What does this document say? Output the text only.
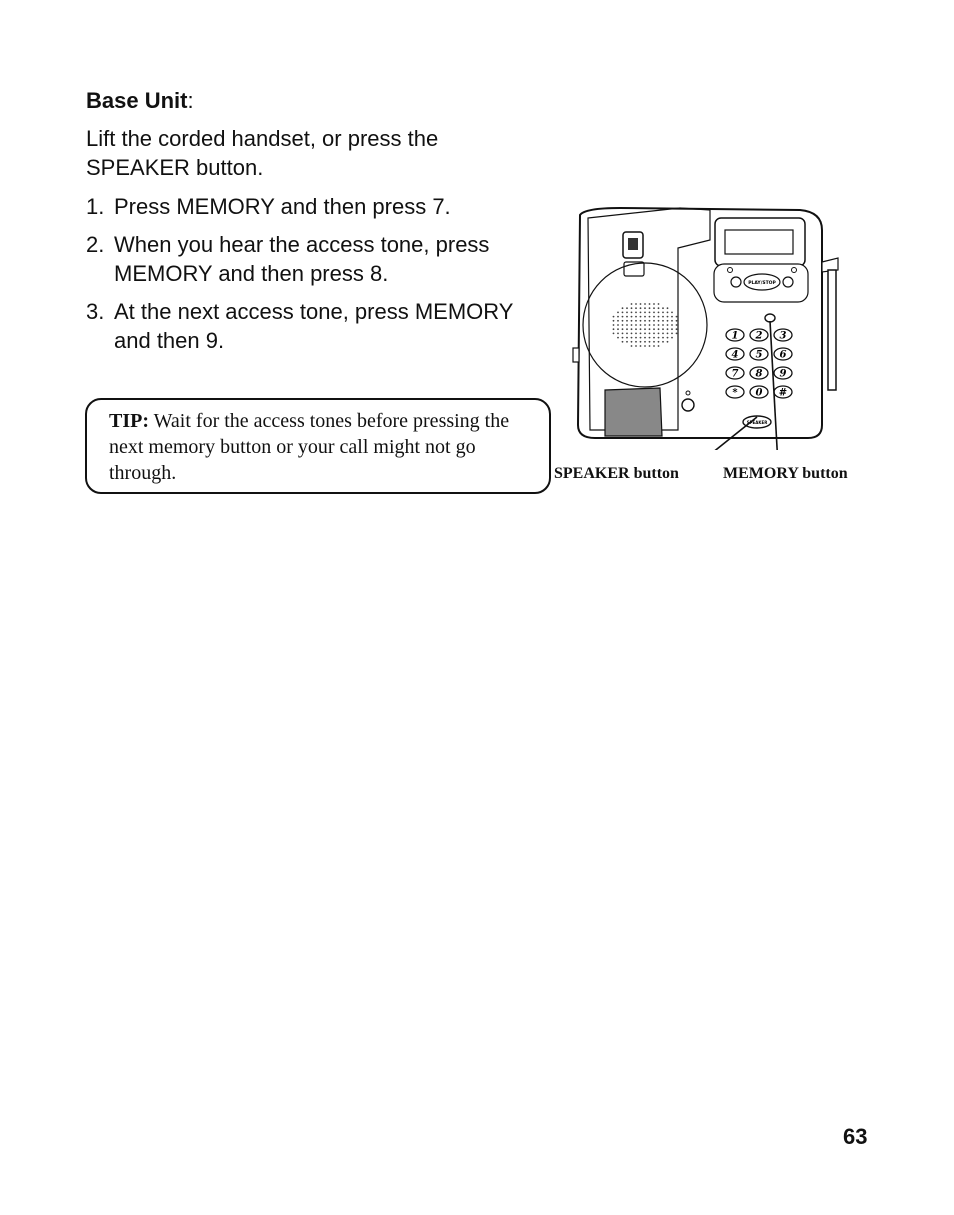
Base Unit:

Lift the corded handset, or press the SPEAKER button.

1. Press MEMORY and then press 7.
2. When you hear the access tone, press MEMORY and then press 8.
3. At the next access tone, press MEMORY and then 9.
TIP: Wait for the access tones before pressing the next memory button or your call might not go through.
PLAY/STOP
1 2 3
4 5 6
7 8 9
* 0 #
SPEAKER
SPEAKER button	MEMORY button
63
